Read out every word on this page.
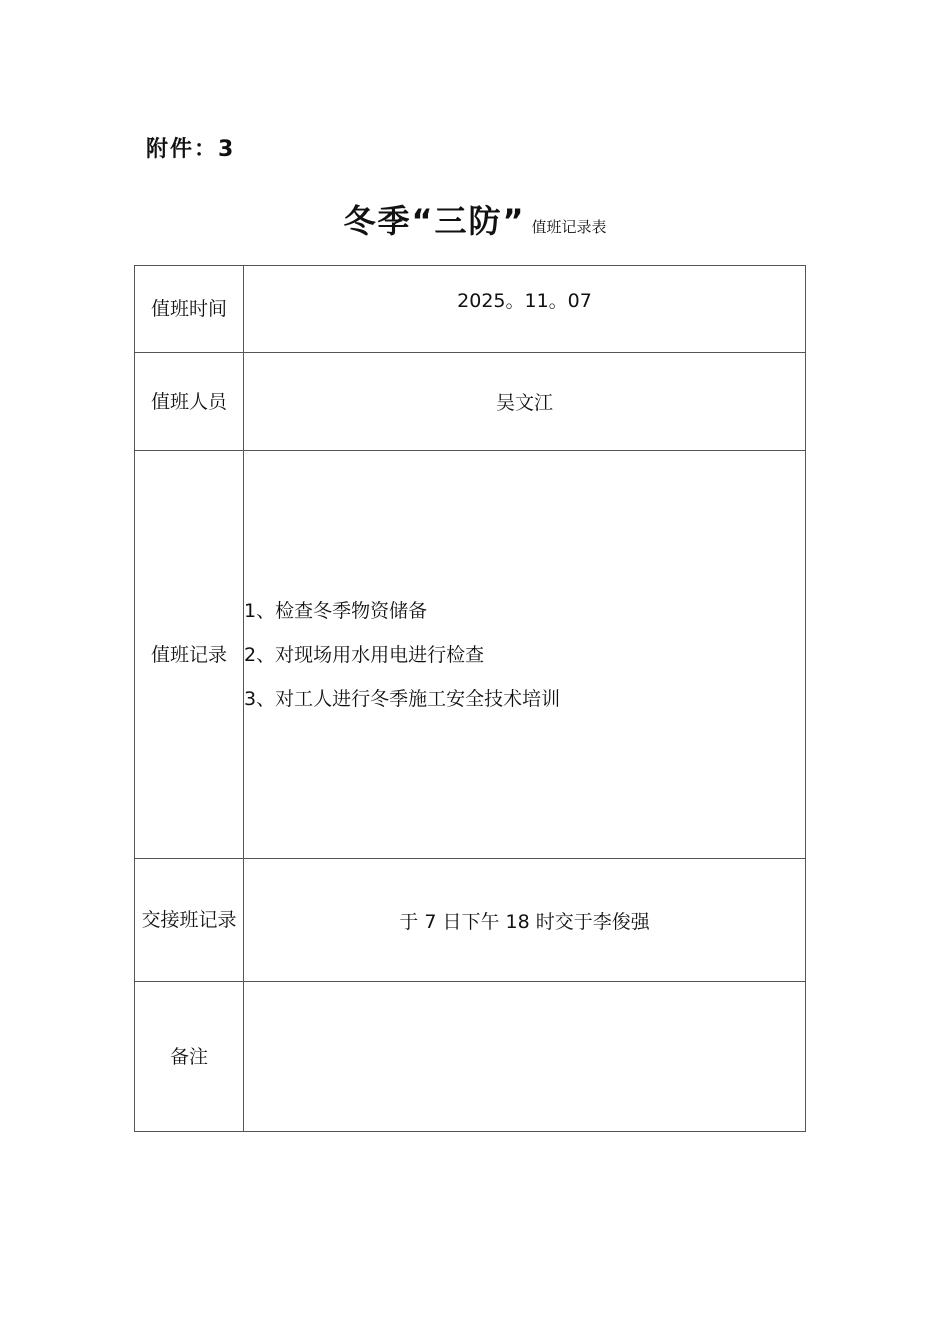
附件：3
冬季“三防” 值班记录表
值班时间	2025。11。07
值班人员	吴文江
值班记录	1、检查冬季物资储备
2、对现场用水用电进行检查
3、对工人进行冬季施工安全技术培训

交接班记录	于 7 日下午 18 时交于李俊强
备注	
